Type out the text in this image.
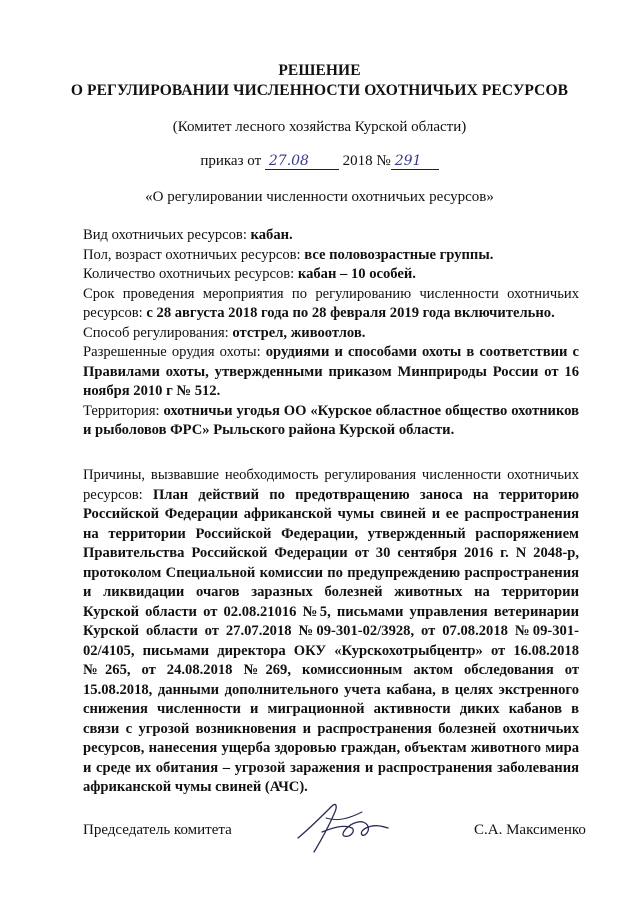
РЕШЕНИЕ
О РЕГУЛИРОВАНИИ ЧИСЛЕННОСТИ ОХОТНИЧЬИХ РЕСУРСОВ
(Комитет лесного хозяйства Курской области)
приказ от 27.08 2018 № 291
«О регулировании численности охотничьих ресурсов»

Вид охотничьих ресурсов: кабан.

Пол, возраст охотничьих ресурсов: все половозрастные группы.

Количество охотничьих ресурсов: кабан – 10 особей.

Срок проведения мероприятия по регулированию численности охотничьих ресурсов: с 28 августа 2018 года по 28 февраля 2019 года включительно.

Способ регулирования: отстрел, живоотлов.

Разрешенные орудия охоты: орудиями и способами охоты в соответствии с Правилами охоты, утвержденными приказом Минприроды России от 16 ноября 2010 г № 512.

Территория: охотничьи угодья ОО «Курское областное общество охотников и рыболовов ФРС» Рыльского района Курской области.

Причины, вызвавшие необходимость регулирования численности охотничьих ресурсов: План действий по предотвращению заноса на территорию Российской Федерации африканской чумы свиней и ее распространения на территории Российской Федерации, утвержденный распоряжением Правительства Российской Федерации от 30 сентября 2016 г. N 2048-р, протоколом Специальной комиссии по предупреждению распространения и ликвидации очагов заразных болезней животных на территории Курской области от 02.08.21016 №5, письмами управления ветеринарии Курской области от 27.07.2018 №09-301-02/3928, от 07.08.2018 №09-301-02/4105, письмами директора ОКУ «Курскохотрыбцентр» от 16.08.2018 №265, от 24.08.2018 №269, комиссионным актом обследования от 15.08.2018, данными дополнительного учета кабана, в целях экстренного снижения численности и миграционной активности диких кабанов в связи с угрозой возникновения и распространения болезней охотничьих ресурсов, нанесения ущерба здоровью граждан, объектам животного мира и среде их обитания – угрозой заражения и распространения заболевания африканской чумы свиней (АЧС).

Председатель комитета	С.А. Максименко
